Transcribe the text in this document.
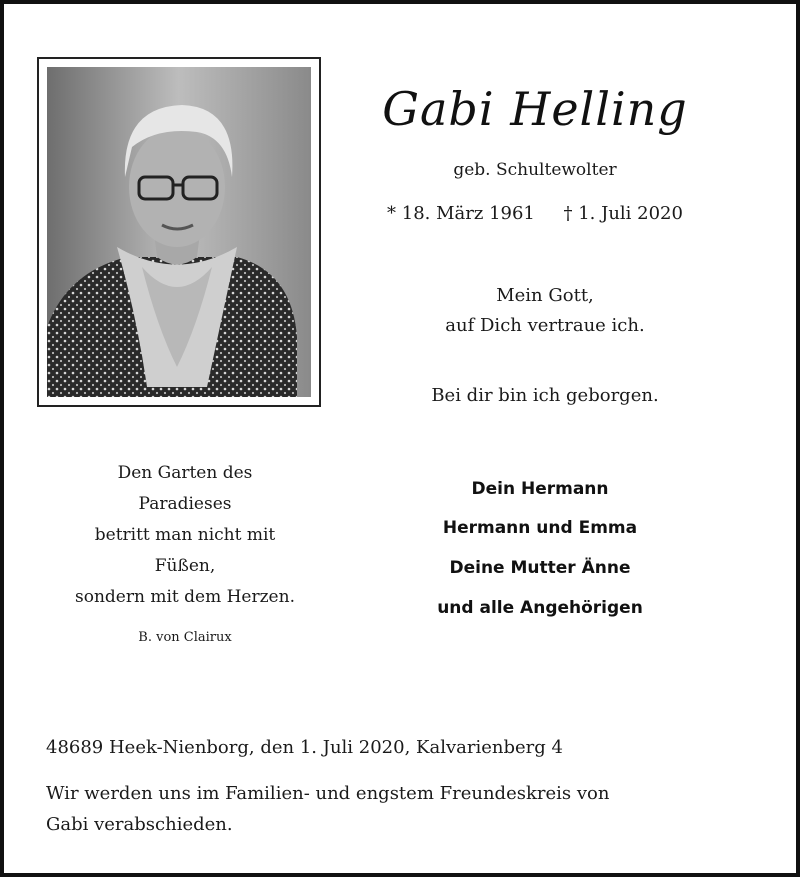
Gabi Helling
geb. Schultewolter
* 18. März 1961     † 1. Juli 2020
Mein Gott,
auf Dich vertraue ich.
Bei dir bin ich geborgen.
Den Garten des
Paradieses
betritt man nicht mit
Füßen,
sondern mit dem Herzen.
B. von Clairux
Dein Hermann
Hermann und Emma
Deine Mutter Änne
und alle Angehörigen
48689 Heek-Nienborg, den 1. Juli 2020, Kalvarienberg 4
Wir werden uns im Familien- und engstem Freundeskreis von
Gabi verabschieden.
